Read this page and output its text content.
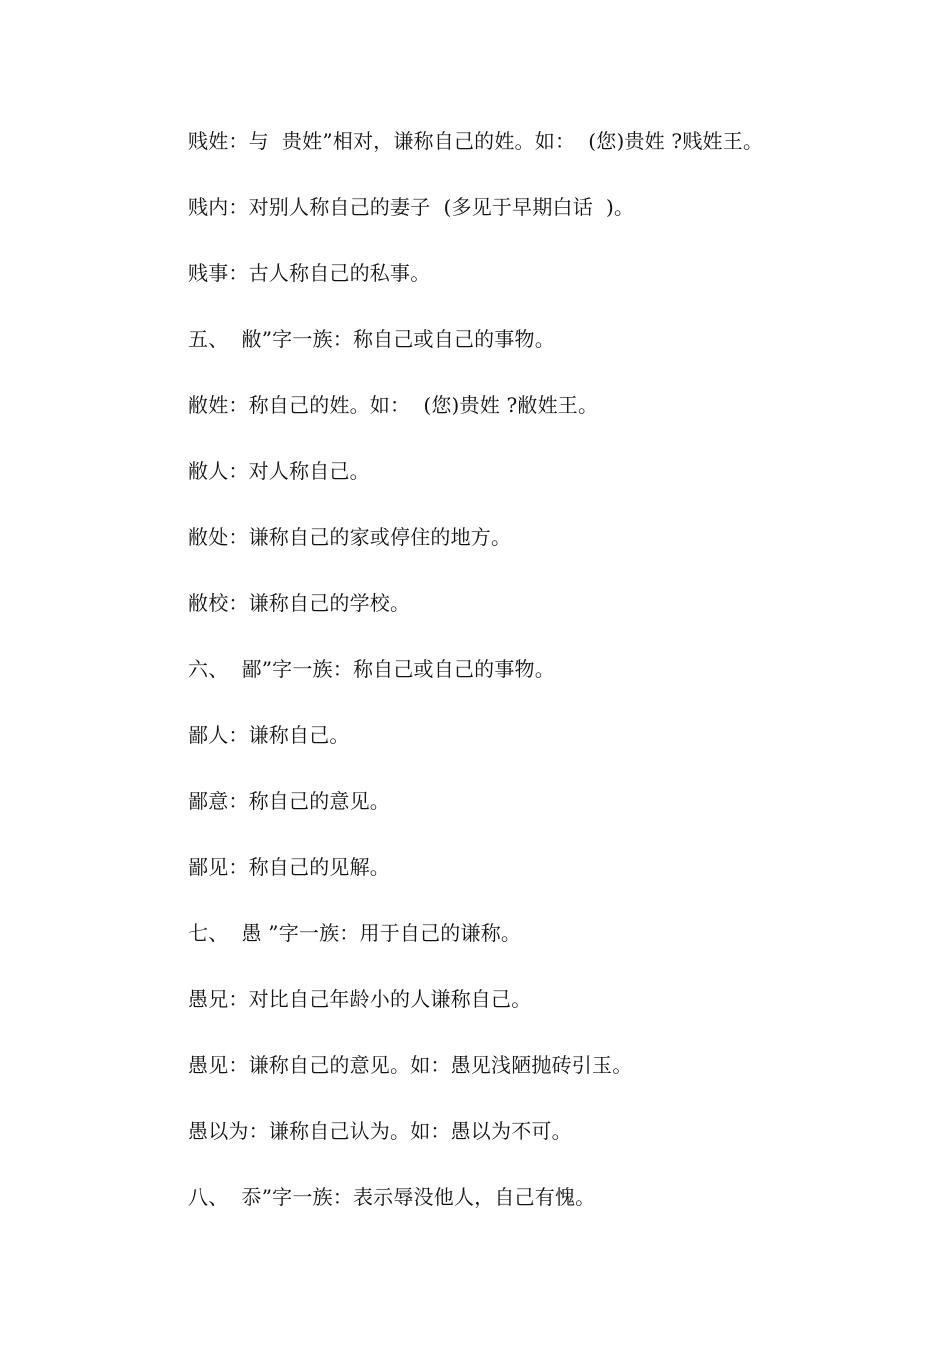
贱姓：与  贵姓”相对，谦称自己的姓。如：  (您)贵姓 ?贱姓王。
贱内：对别人称自己的妻子  (多见于早期白话  )。
贱事：古人称自己的私事。
五、  敝”字一族：称自己或自己的事物。
敝姓：称自己的姓。如：  (您)贵姓 ?敝姓王。
敝人：对人称自己。
敝处：谦称自己的家或停住的地方。
敝校：谦称自己的学校。
六、  鄙”字一族：称自己或自己的事物。
鄙人：谦称自己。
鄙意：称自己的意见。
鄙见：称自己的见解。
七、  愚 ”字一族：用于自己的谦称。
愚兄：对比自己年龄小的人谦称自己。
愚见：谦称自己的意见。如：愚见浅陋抛砖引玉。
愚以为：谦称自己认为。如：愚以为不可。
八、  忝”字一族：表示辱没他人，自己有愧。
